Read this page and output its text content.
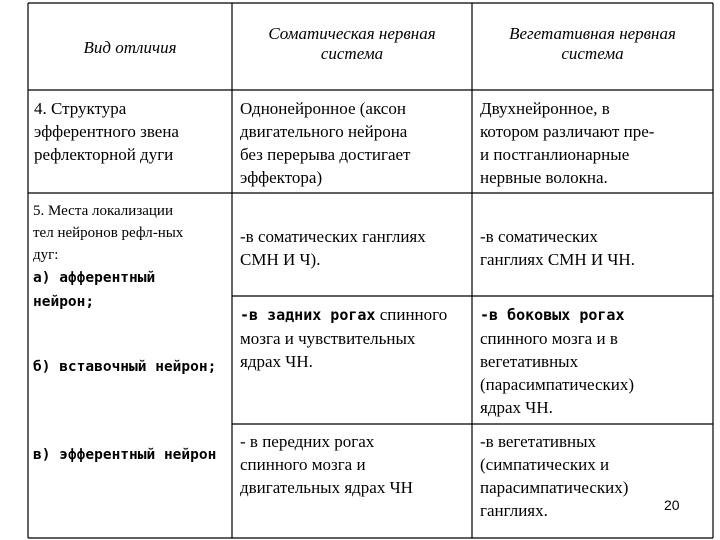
Вид отличия
Соматическая нервная
система
Вегетативная нервная
система
4. Структура
эфферентного звена
рефлекторной дуги
Однонейронное (аксон
двигательного нейрона
без перерыва достигает
эффектора)
Двухнейронное, в
котором различают пре-
и постганлионарные
нервные волокна.
5. Места локализации
тел нейронов рефл-ных
дуг:
а) афферентный
нейрон;
б) вставочный нейрон;
в) эфферентный нейрон
-в соматических ганглиях
СМН И Ч).
-в соматических
ганглиях СМН И ЧН.
-в задних рогах спинного
мозга и чувствительных
ядрах ЧН.
-в боковых рогах
спинного мозга и в
вегетативных
(парасимпатических)
ядрах ЧН.
- в передних рогах
спинного мозга и
двигательных ядрах ЧН
-в вегетативных
(симпатических и
парасимпатических)
ганглиях.	20
